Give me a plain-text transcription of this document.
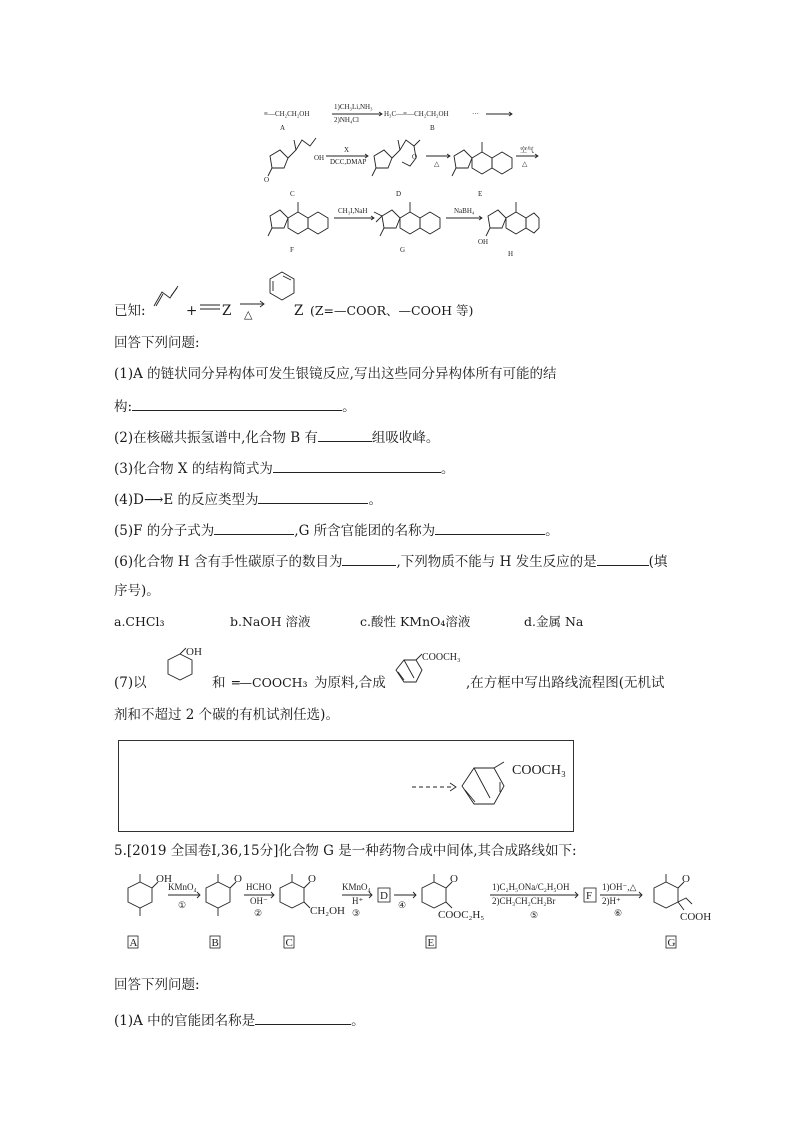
≡—CH₂CH₂OH
A
1)CH₃Li,NH₃
2)NH₄Cl
H₃C—≡—CH₂CH₂OH
B
···
O
OH
C
X
DCC,DMAP
O
D
△
E
空气
△
F
CH₃I,NaH
G
NaBH₄
OH
H
已知:	+ Z △	Z (Z=—COOR、—COOH 等)
回答下列问题:
(1)A 的链状同分异构体可发生银镜反应,写出这些同分异构体所有可能的结
构:	。
(2)在核磁共振氢谱中,化合物 B 有	组吸收峰。
(3)化合物 X 的结构简式为	。
(4)D⟶E 的反应类型为	。
(5)F 的分子式为	,G 所含官能团的名称为	。
(6)化合物 H 含有手性碳原子的数目为	,下列物质不能与 H 发生反应的是	(填
序号)。
a.CHCl₃	b.NaOH 溶液	c.酸性 KMnO₄溶液	d.金属 Na
(7)以
OH
和 ═—COOCH₃ 为原料,合成
COOCH₃
,在方框中写出路线流程图(无机试
剂和不超过 2 个碳的有机试剂任选)。
COOCH₃
5.[2019 全国卷Ⅰ,36,15分]化合物 G 是一种药物合成中间体,其合成路线如下:
OH
A
KMnO₄
①
O
B
HCHO
OH⁻
②
O
CH₂OH
C
KMnO₄
H⁺
③
D
④
O
COOC₂H₅
E
1)C₂H₅ONa/C₂H₅OH
2)CH₃CH₂CH₂Br
⑤
F
1)OH⁻,△
2)H⁺
⑥
O
COOH
G
回答下列问题:
(1)A 中的官能团名称是	。
